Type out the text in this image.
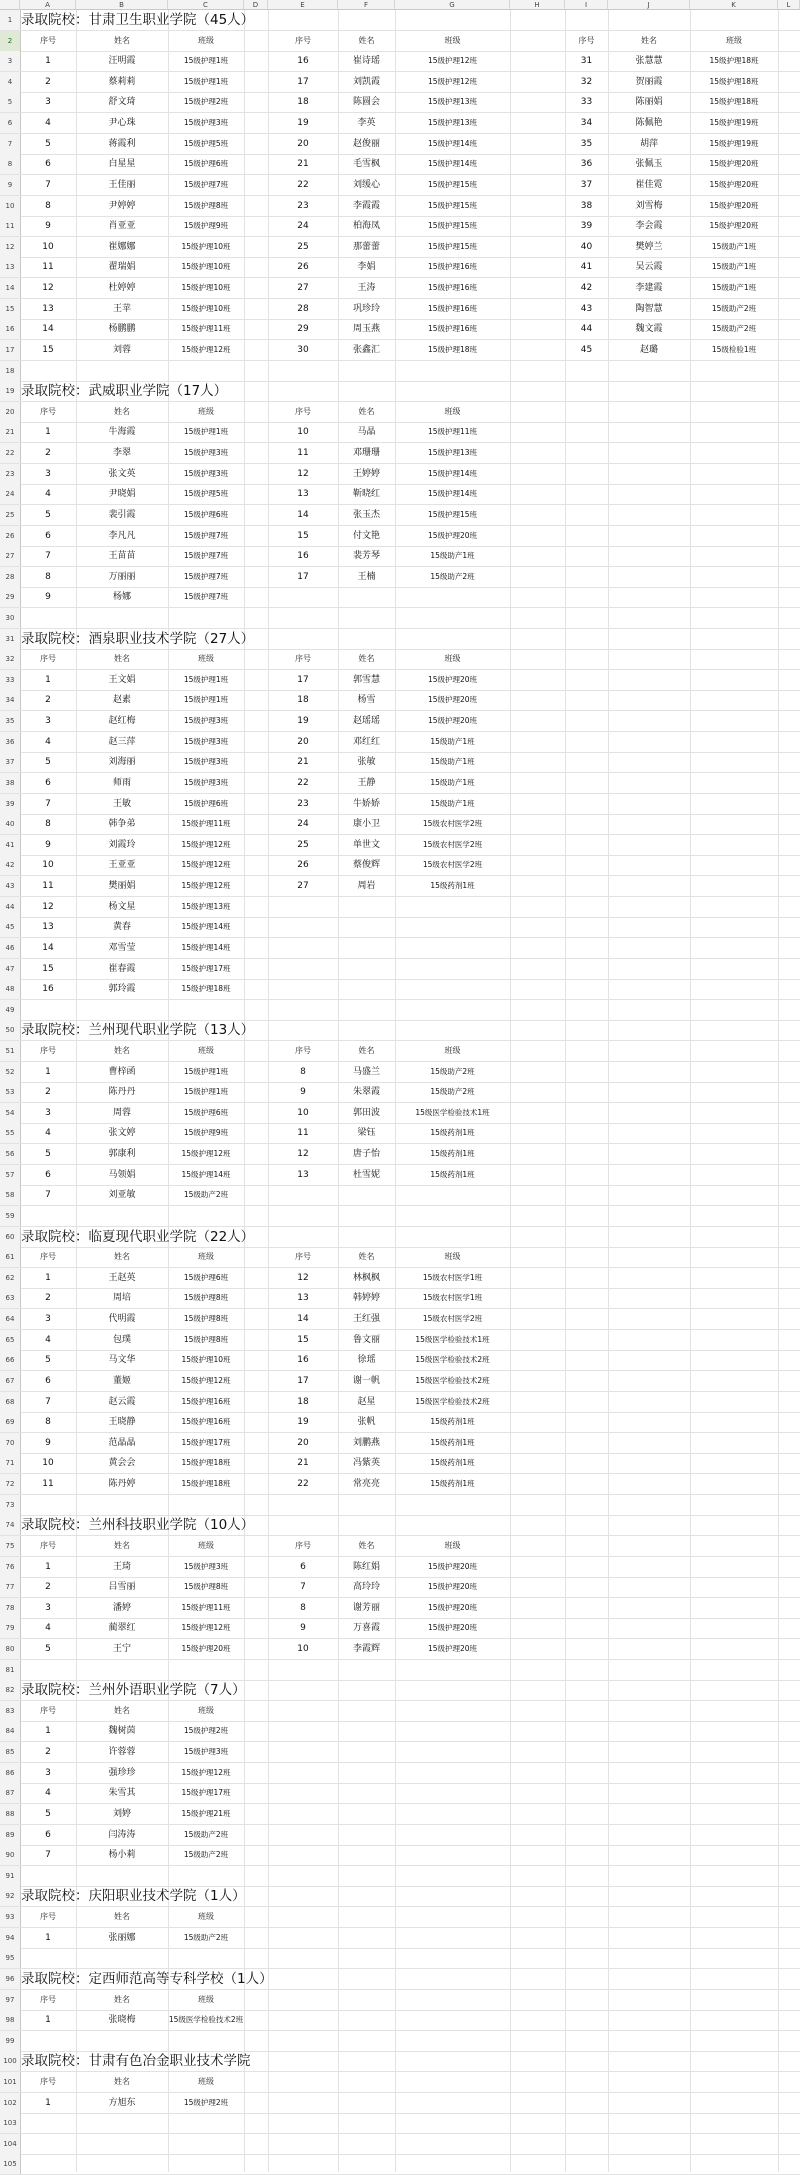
A	B	C	D	E	F	G	H	I	J	K	L
1 录取院校：甘肃卫生职业学院（45人）
2	序号	姓名	班级	序号	姓名	班级	序号	姓名	班级
3	1	汪明霞	15级护理1班	16	崔诗瑶	15级护理12班	31	张慧慧	15级护理18班
4	2	蔡莉莉	15级护理1班	17	刘凯霞	15级护理12班	32	贺丽霞	15级护理18班
5	3	舒文琦	15级护理2班	18	陈圆会	15级护理13班	33	陈丽娟	15级护理18班
6	4	尹心珠	15级护理3班	19	李英	15级护理13班	34	陈佩艳	15级护理19班
7	5	蒋霞利	15级护理5班	20	赵俊丽	15级护理14班	35	胡萍	15级护理19班
8	6	白星星	15级护理6班	21	毛雪枫	15级护理14班	36	张佩玉	15级护理20班
9	7	王佳丽	15级护理7班	22	刘缓心	15级护理15班	37	崔佳霓	15级护理20班
10	8	尹婷婷	15级护理8班	23	李霞霞	15级护理15班	38	刘雪梅	15级护理20班
11	9	肖亚亚	15级护理9班	24	柏海凤	15级护理15班	39	李会霞	15级护理20班
12	10	崔娜娜	15级护理10班	25	那蕾蕾	15级护理15班	40	樊婷兰	15级助产1班
13	11	翟瑞娟	15级护理10班	26	李娟	15级护理16班	41	吴云霞	15级助产1班
14	12	杜婷婷	15级护理10班	27	王涛	15级护理16班	42	李建霞	15级助产1班
15	13	王苹	15级护理10班	28	巩珍玲	15级护理16班	43	陶智慧	15级助产2班
16	14	杨鹏鹏	15级护理11班	29	周玉燕	15级护理16班	44	魏文霞	15级助产2班
17	15	刘蓉	15级护理12班	30	张鑫汇	15级护理18班	45	赵璐	15级检验1班
18
19 录取院校：武威职业学院（17人）
20	序号	姓名	班级	序号	姓名	班级
21	1	牛海霞	15级护理1班	10	马晶	15级护理11班
22	2	李翠	15级护理3班	11	邓珊珊	15级护理13班
23	3	张文英	15级护理3班	12	王婷婷	15级护理14班
24	4	尹晓娟	15级护理5班	13	靳晓红	15级护理14班
25	5	裴引霞	15级护理6班	14	张玉杰	15级护理15班
26	6	李凡凡	15级护理7班	15	付文艳	15级护理20班
27	7	王苗苗	15级护理7班	16	裴芳琴	15级助产1班
28	8	万丽丽	15级护理7班	17	王楠	15级助产2班
29	9	杨娜	15级护理7班
30
31 录取院校：酒泉职业技术学院（27人）
32	序号	姓名	班级	序号	姓名	班级
33	1	王文娟	15级护理1班	17	郭雪慧	15级护理20班
34	2	赵素	15级护理1班	18	杨雪	15级护理20班
35	3	赵红梅	15级护理3班	19	赵瑶瑶	15级护理20班
36	4	赵三萍	15级护理3班	20	邓红红	15级助产1班
37	5	刘海丽	15级护理3班	21	张敏	15级助产1班
38	6	师雨	15级护理3班	22	王静	15级助产1班
39	7	王敏	15级护理6班	23	牛娇娇	15级助产1班
40	8	韩争弟	15级护理11班	24	康小卫	15级农村医学2班
41	9	刘霞玲	15级护理12班	25	单世文	15级农村医学2班
42	10	王亚亚	15级护理12班	26	蔡俊辉	15级农村医学2班
43	11	樊丽娟	15级护理12班	27	周岩	15级药剂1班
44	12	杨文星	15级护理13班
45	13	黄春	15级护理14班
46	14	邓雪莹	15级护理14班
47	15	崔春霞	15级护理17班
48	16	郭玲霞	15级护理18班
49
50 录取院校：兰州现代职业学院（13人）
51	序号	姓名	班级	序号	姓名	班级
52	1	曹梓函	15级护理1班	8	马盛兰	15级助产2班
53	2	陈丹丹	15级护理1班	9	朱翠霞	15级助产2班
54	3	周蓉	15级护理6班	10	郭田波	15级医学检验技术1班
55	4	张文婷	15级护理9班	11	梁钰	15级药剂1班
56	5	郭康利	15级护理12班	12	唐子怡	15级药剂1班
57	6	马领娟	15级护理14班	13	杜雪妮	15级药剂1班
58	7	刘亚敏	15级助产2班
59
60 录取院校：临夏现代职业学院（22人）
61	序号	姓名	班级	序号	姓名	班级
62	1	王赵英	15级护理6班	12	林枫枫	15级农村医学1班
63	2	周培	15级护理8班	13	韩婷婷	15级农村医学1班
64	3	代明霞	15级护理8班	14	王红强	15级农村医学2班
65	4	包璞	15级护理8班	15	鲁文丽	15级医学检验技术1班
66	5	马文华	15级护理10班	16	徐瑶	15级医学检验技术2班
67	6	董姬	15级护理12班	17	谢一帆	15级医学检验技术2班
68	7	赵云霞	15级护理16班	18	赵星	15级医学检验技术2班
69	8	王晓静	15级护理16班	19	张帆	15级药剂1班
70	9	范晶晶	15级护理17班	20	刘鹏燕	15级药剂1班
71	10	黄会会	15级护理18班	21	冯紫英	15级药剂1班
72	11	陈丹婷	15级护理18班	22	常亮亮	15级药剂1班
73
74 录取院校：兰州科技职业学院（10人）
75	序号	姓名	班级	序号	姓名	班级
76	1	王琦	15级护理3班	6	陈红娟	15级护理20班
77	2	吕雪丽	15级护理8班	7	高玲玲	15级护理20班
78	3	潘婷	15级护理11班	8	谢芳丽	15级护理20班
79	4	蔺翠红	15级护理12班	9	万喜霞	15级护理20班
80	5	王宁	15级护理20班	10	李霞辉	15级护理20班
81
82 录取院校：兰州外语职业学院（7人）
83	序号	姓名	班级
84	1	魏树茵	15级护理2班
85	2	许蓉蓉	15级护理3班
86	3	强珍珍	15级护理12班
87	4	朱雪其	15级护理17班
88	5	刘婷	15级护理21班
89	6	闫涛涛	15级助产2班
90	7	杨小莉	15级助产2班
91
92 录取院校：庆阳职业技术学院（1人）
93	序号	姓名	班级
94	1	张丽娜	15级助产2班
95
96 录取院校：定西师范高等专科学校（1人）
97	序号	姓名	班级
98	1	张晓梅	15级医学检验技术2班
99
100 录取院校：甘肃有色冶金职业技术学院
101	序号	姓名	班级
102	1	方旭东	15级护理2班
103
104
105
